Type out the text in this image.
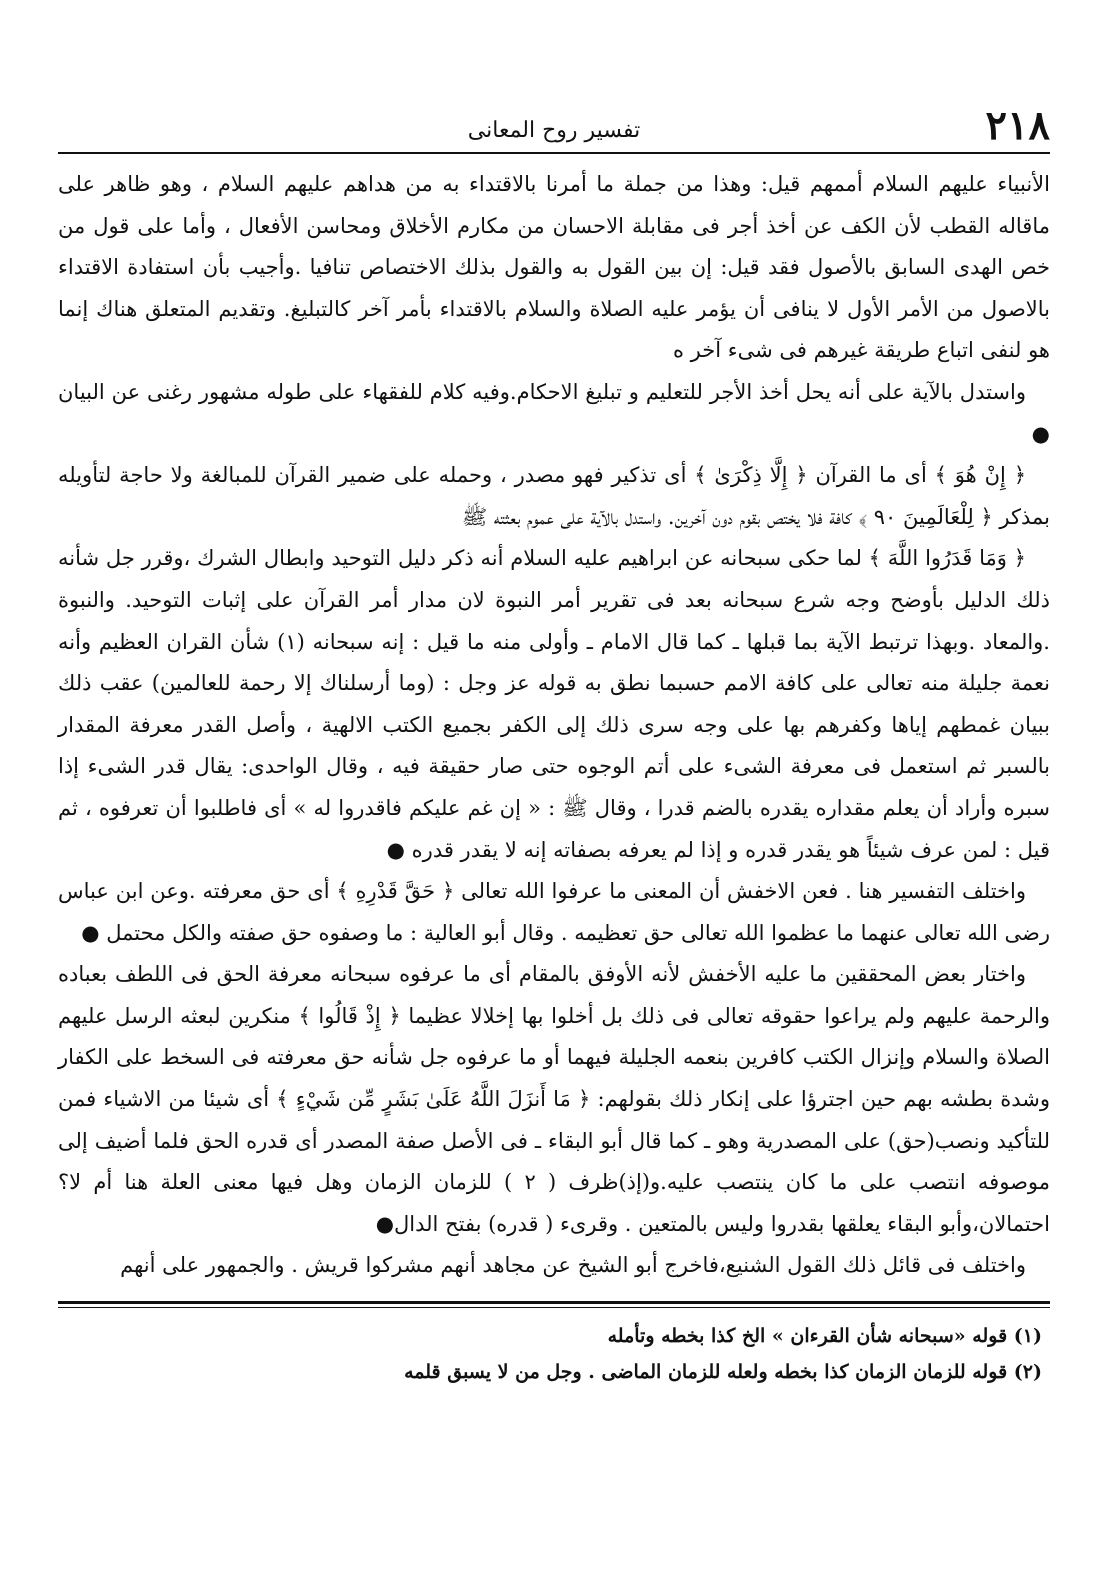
٢١٨
تفسير روح المعانى

الأنبياء عليهم السلام أممهم قيل: وهذا من جملة ما أمرنا بالاقتداء به من هداهم عليهم السلام ، وهو ظاهر على ماقاله القطب لأن الكف عن أخذ أجر فى مقابلة الاحسان من مكارم الأخلاق ومحاسن الأفعال ، وأما على قول من خص الهدى السابق بالأصول فقد قيل: إن بين القول به والقول بذلك الاختصاص تنافيا .وأجيب بأن استفادة الاقتداء بالاصول من الأمر الأول لا ينافى أن يؤمر عليه الصلاة والسلام بالاقتداء بأمر آخر كالتبليغ. وتقديم المتعلق هناك إنما هو لنفى اتباع طريقة غيرهم فى شىء آخر ه

واستدل بالآية على أنه يحل أخذ الأجر للتعليم و تبليغ الاحكام.وفيه كلام للفقهاء على طوله مشهور رغنى عن البيان ●

﴿ إِنْ هُوَ ﴾ أى ما القرآن ﴿ إِلَّا ذِكْرَىٰ ﴾ أى تذكير فهو مصدر ، وحمله على ضمير القرآن للمبالغة ولا حاجة لتأويله بمذكر ﴿ لِلْعَالَمِينَ ٩٠ ﴾ كافة فلا يختص بقوم دون آخرين. واستدل بالآية على عموم بعثته ﷺ

﴿ وَمَا قَدَرُوا اللَّهَ ﴾ لما حكى سبحانه عن ابراهيم عليه السلام أنه ذكر دليل التوحيد وابطال الشرك ،وقرر جل شأنه ذلك الدليل بأوضح وجه شرع سبحانه بعد فى تقرير أمر النبوة لان مدار أمر القرآن على إثبات التوحيد. والنبوة .والمعاد .وبهذا ترتبط الآية بما قبلها ـ كما قال الامام ـ وأولى منه ما قيل : إنه سبحانه (١) شأن القران العظيم وأنه نعمة جليلة منه تعالى على كافة الامم حسبما نطق به قوله عز وجل : (وما أرسلناك إلا رحمة للعالمين) عقب ذلك ببيان غمطهم إياها وكفرهم بها على وجه سرى ذلك إلى الكفر بجميع الكتب الالهية ، وأصل القدر معرفة المقدار بالسبر ثم استعمل فى معرفة الشىء على أتم الوجوه حتى صار حقيقة فيه ، وقال الواحدى: يقال قدر الشىء إذا سبره وأراد أن يعلم مقداره يقدره بالضم قدرا ، وقال ﷺ : « إن غم عليكم فاقدروا له » أى فاطلبوا أن تعرفوه ، ثم قيل : لمن عرف شيئاً هو يقدر قدره و إذا لم يعرفه بصفاته إنه لا يقدر قدره ●

واختلف التفسير هنا . فعن الاخفش أن المعنى ما عرفوا الله تعالى ﴿ حَقَّ قَدْرِهِ ﴾ أى حق معرفته .وعن ابن عباس رضى الله تعالى عنهما ما عظموا الله تعالى حق تعظيمه . وقال أبو العالية : ما وصفوه حق صفته والكل محتمل ●

واختار بعض المحققين ما عليه الأخفش لأنه الأوفق بالمقام أى ما عرفوه سبحانه معرفة الحق فى اللطف بعباده والرحمة عليهم ولم يراعوا حقوقه تعالى فى ذلك بل أخلوا بها إخلالا عظيما ﴿ إِذْ قَالُوا ﴾ منكرين لبعثه الرسل عليهم الصلاة والسلام وإنزال الكتب كافرين بنعمه الجليلة فيهما أو ما عرفوه جل شأنه حق معرفته فى السخط على الكفار وشدة بطشه بهم حين اجترؤا على إنكار ذلك بقولهم: ﴿ مَا أَنزَلَ اللَّهُ عَلَىٰ بَشَرٍ مِّن شَيْءٍ ﴾ أى شيئا من الاشياء فمن للتأكيد ونصب(حق) على المصدرية وهو ـ كما قال أبو البقاء ـ فى الأصل صفة المصدر أى قدره الحق فلما أضيف إلى موصوفه انتصب على ما كان ينتصب عليه.و(إذ)ظرف ( ٢ ) للزمان الزمان وهل فيها معنى العلة هنا أم لا؟ احتمالان،وأبو البقاء يعلقها بقدروا وليس بالمتعين . وقرىء ( قدره) بفتح الدال●

واختلف فى قائل ذلك القول الشنيع،فاخرج أبو الشيخ عن مجاهد أنهم مشركوا قريش . والجمهور على أنهم

(١) قوله «سبحانه شأن القرءان » الخ كذا بخطه وتأمله

(٢) قوله للزمان الزمان كذا بخطه ولعله للزمان الماضى . وجل من لا يسبق قلمه
